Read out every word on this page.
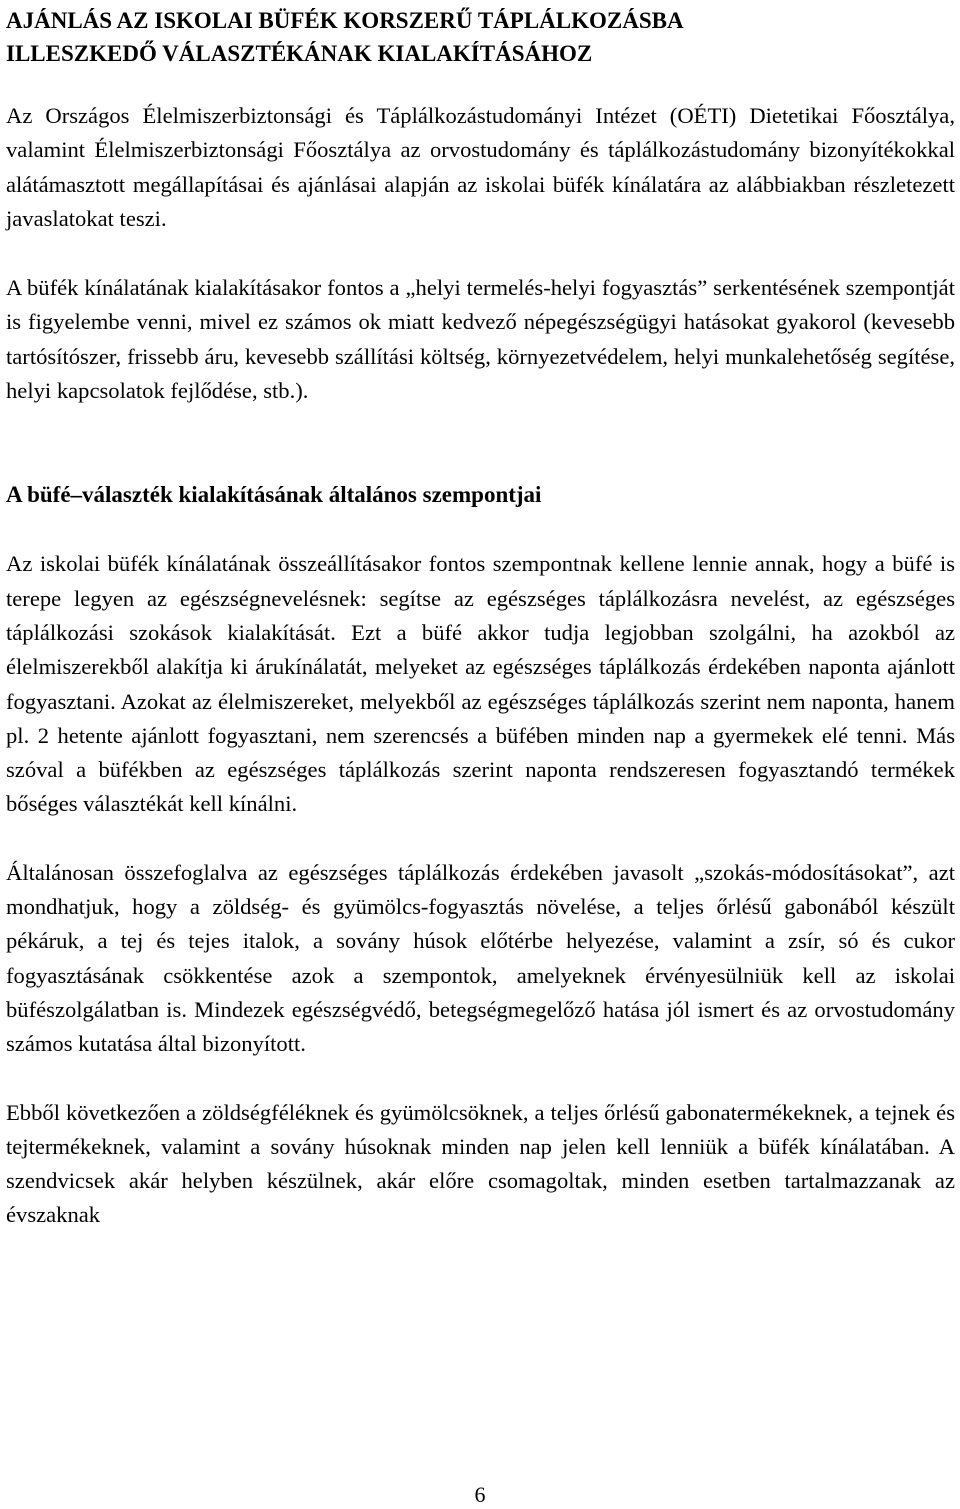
AJÁNLÁS AZ ISKOLAI BÜFÉK KORSZERŰ TÁPLÁLKOZÁSBA
ILLESZKEDŐ VÁLASZTÉKÁNAK KIALAKÍTÁSÁHOZ

Az Országos Élelmiszerbiztonsági és Táplálkozástudományi Intézet (OÉTI) Dietetikai Főosztálya, valamint Élelmiszerbiztonsági Főosztálya az orvostudomány és táplálkozástudomány bizonyítékokkal alátámasztott megállapításai és ajánlásai alapján az iskolai büfék kínálatára az alábbiakban részletezett javaslatokat teszi.

A büfék kínálatának kialakításakor fontos a „helyi termelés-helyi fogyasztás” serkentésének szempontját is figyelembe venni, mivel ez számos ok miatt kedvező népegészségügyi hatásokat gyakorol (kevesebb tartósítószer, frissebb áru, kevesebb szállítási költség, környezetvédelem, helyi munkalehetőség segítése, helyi kapcsolatok fejlődése, stb.).

A büfé–választék kialakításának általános szempontjai

Az iskolai büfék kínálatának összeállításakor fontos szempontnak kellene lennie annak, hogy a büfé is terepe legyen az egészségnevelésnek: segítse az egészséges táplálkozásra nevelést, az egészséges táplálkozási szokások kialakítását. Ezt a büfé akkor tudja legjobban szolgálni, ha azokból az élelmiszerekből alakítja ki árukínálatát, melyeket az egészséges táplálkozás érdekében naponta ajánlott fogyasztani. Azokat az élelmiszereket, melyekből az egészséges táplálkozás szerint nem naponta, hanem pl. 2 hetente ajánlott fogyasztani, nem szerencsés a büfében minden nap a gyermekek elé tenni. Más szóval a büfékben az egészséges táplálkozás szerint naponta rendszeresen fogyasztandó termékek bőséges választékát kell kínálni.

Általánosan összefoglalva az egészséges táplálkozás érdekében javasolt „szokás-módosításokat”, azt mondhatjuk, hogy a zöldség- és gyümölcs-fogyasztás növelése, a teljes őrlésű gabonából készült pékáruk, a tej és tejes italok, a sovány húsok előtérbe helyezése, valamint a zsír, só és cukor fogyasztásának csökkentése azok a szempontok, amelyeknek érvényesülniük kell az iskolai büfészolgálatban is. Mindezek egészségvédő, betegségmegelőző hatása jól ismert és az orvostudomány számos kutatása által bizonyított.

Ebből következően a zöldségféléknek és gyümölcsöknek, a teljes őrlésű gabonatermékeknek, a tejnek és tejtermékeknek, valamint a sovány húsoknak minden nap jelen kell lenniük a büfék kínálatában. A szendvicsek akár helyben készülnek, akár előre csomagoltak, minden esetben tartalmazzanak az évszaknak

6
